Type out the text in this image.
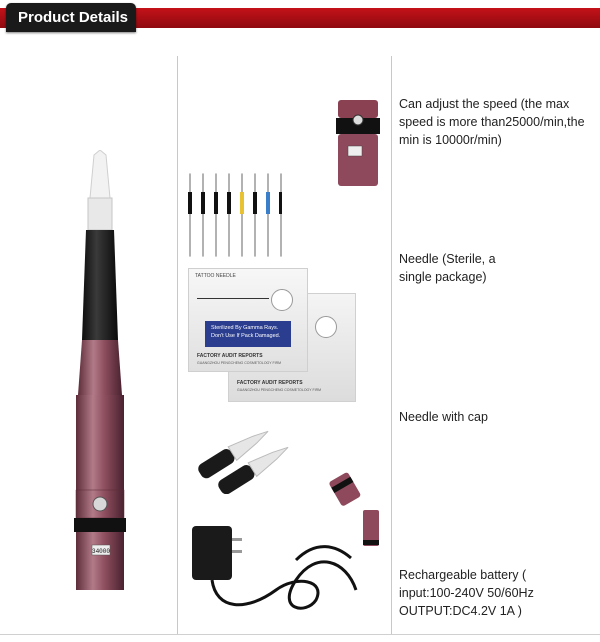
Product Details
34000
FACTORY AUDIT REPORTS
GUANGZHOU PENGCHENG COSMETOLOGY FIRM
TATTOO NEEDLE
Sterilized By Gamma Rays.
Don't Use If Pack Damaged.
FACTORY AUDIT REPORTS
GUANGZHOU PENGCHENG COSMETOLOGY FIRM
Can adjust the speed (the max speed is more than25000/min,the min is 10000r/min)
Needle (Sterile, a single package)
Needle with cap
Rechargeable battery ( input:100-240V 50/60Hz OUTPUT:DC4.2V 1A )
